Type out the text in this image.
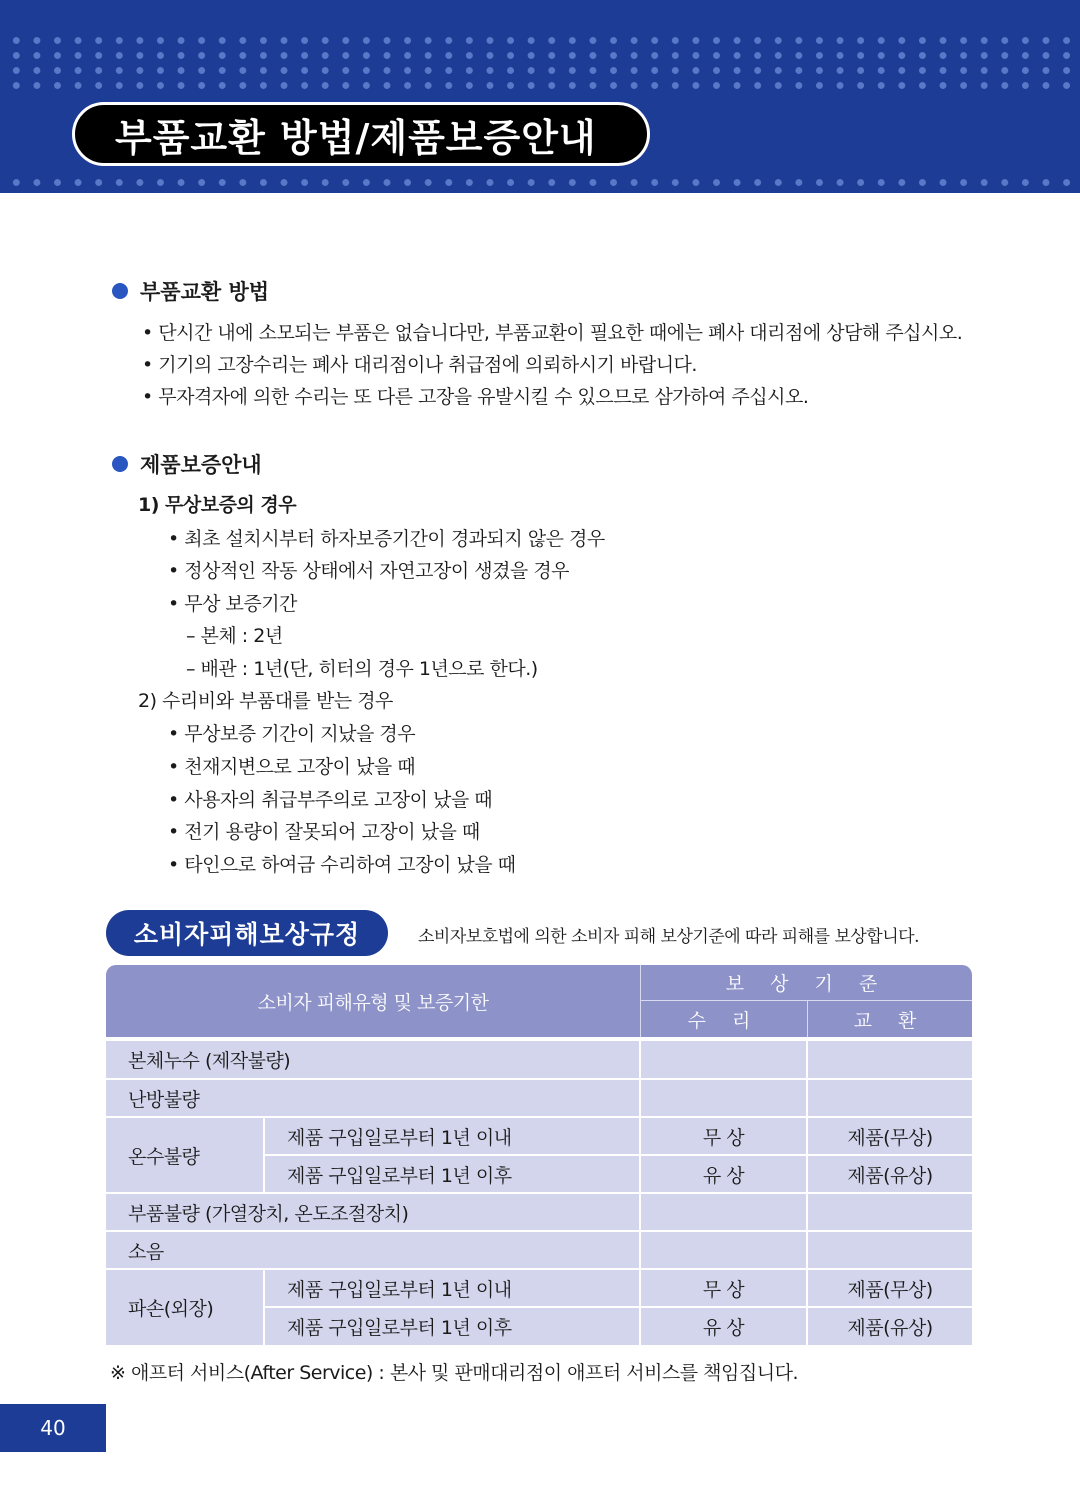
부품교환 방법/제품보증안내
부품교환 방법
• 단시간 내에 소모되는 부품은 없습니다만, 부품교환이 필요한 때에는 폐사 대리점에 상담해 주십시오.
• 기기의 고장수리는 폐사 대리점이나 취급점에 의뢰하시기 바랍니다.
• 무자격자에 의한 수리는 또 다른 고장을 유발시킬 수 있으므로 삼가하여 주십시오.
제품보증안내
1) 무상보증의 경우
• 최초 설치시부터 하자보증기간이 경과되지 않은 경우
• 정상적인 작동 상태에서 자연고장이 생겼을 경우
• 무상 보증기간
– 본체 : 2년
– 배관 : 1년(단, 히터의 경우 1년으로 한다.)
2) 수리비와 부품대를 받는 경우
• 무상보증 기간이 지났을 경우
• 천재지변으로 고장이 났을 때
• 사용자의 취급부주의로 고장이 났을 때
• 전기 용량이 잘못되어 고장이 났을 때
• 타인으로 하여금 수리하여 고장이 났을 때
소비자피해보상규정	소비자보호법에 의한 소비자 피해 보상기준에 따라 피해를 보상합니다.
소비자 피해유형 및 보증기한
보 상 기 준
수 리	교 환
본체누수 (제작불량)
난방불량
온수불량
제품 구입일로부터 1년 이내	무 상	제품(무상)
제품 구입일로부터 1년 이후	유 상	제품(유상)
부품불량 (가열장치, 온도조절장치)
소음
파손(외장)
제품 구입일로부터 1년 이내	무 상	제품(무상)
제품 구입일로부터 1년 이후	유 상	제품(유상)
※ 애프터 서비스(After Service) : 본사 및 판매대리점이 애프터 서비스를 책임집니다.
40
